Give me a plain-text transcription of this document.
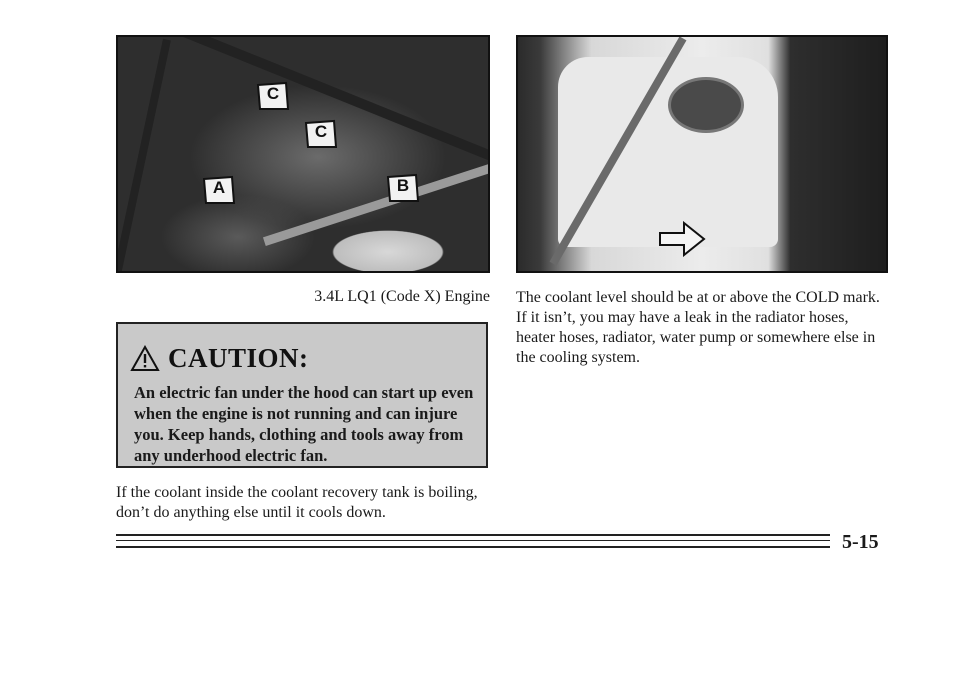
C
C
A	B
3.4L LQ1 (Code X) Engine The coolant level should be at or above the COLD mark.
If it isn’t, you may have a leak in the radiator hoses,
heater hoses, radiator, water pump or somewhere else in
the cooling system.
CAUTION:
An electric fan under the hood can start up even
when the engine is not running and can injure
you. Keep hands, clothing and tools away from
any underhood electric fan.
If the coolant inside the coolant recovery tank is boiling,
don’t do anything else until it cools down.
5-15
